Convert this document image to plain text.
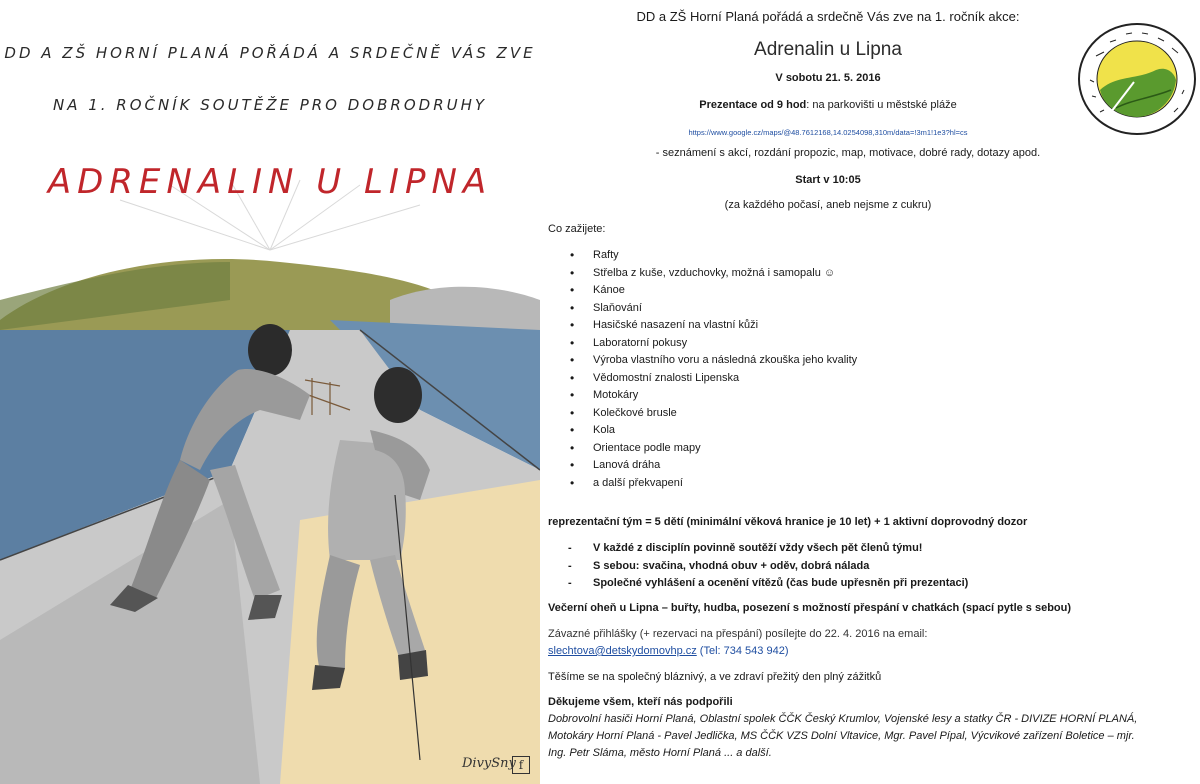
DD A ZŠ HORNÍ PLANÁ POŘÁDÁ A SRDEČNĚ VÁS ZVE
NA 1. ROČNÍK SOUTĚŽE PRO DOBRODRUHY
ADRENALIN U LIPNA
DivySny f
DD a ZŠ Horní Planá pořádá a srdečně Vás zve na 1. ročník akce:
Adrenalin u Lipna
V sobotu 21. 5. 2016
Prezentace od 9 hod: na parkovišti u městské pláže
https://www.google.cz/maps/@48.7612168,14.0254098,310m/data=!3m1!1e3?hl=cs
- seznámení s akcí, rozdání propozic, map, motivace, dobré rady, dotazy apod.
Start v 10:05
(za každého počasí, aneb nejsme z cukru)
Co zažijete:
• Rafty
• Střelba z kuše, vzduchovky, možná i samopalu ☺
• Kánoe
• Slaňování
• Hasičské nasazení na vlastní kůži
• Laboratorní pokusy
• Výroba vlastního voru a následná zkouška jeho kvality
• Vědomostní znalosti Lipenska
• Motokáry
• Kolečkové brusle
• Kola
• Orientace podle mapy
• Lanová dráha
• a další překvapení
reprezentační tým = 5 dětí (minimální věková hranice je 10 let) + 1 aktivní doprovodný dozor
- V každé z disciplín povinně soutěží vždy všech pět členů týmu!
- S sebou: svačina, vhodná obuv + oděv, dobrá nálada
- Společné vyhlášení a ocenění vítězů (čas bude upřesněn při prezentaci)
Večerní oheň u Lipna – buřty, hudba, posezení s možností přespání v chatkách (spací pytle s sebou)
Závazné přihlášky (+ rezervaci na přespání) posílejte do 22. 4. 2016 na email:
slechtova@detskydomovhp.cz (Tel: 734 543 942)
Těšíme se na společný bláznivý, a ve zdraví přežitý den plný zážitků
Děkujeme všem, kteří nás podpořili
Dobrovolní hasiči Horní Planá, Oblastní spolek ČČK Český Krumlov, Vojenské lesy a statky ČR - DIVIZE HORNÍ PLANÁ, Motokáry Horní Planá - Pavel Jedlička, MS ČČK VZS Dolní Vltavice, Mgr. Pavel Pípal, Výcvikové zařízení Boletice – mjr. Ing. Petr Sláma, město Horní Planá ... a další.
